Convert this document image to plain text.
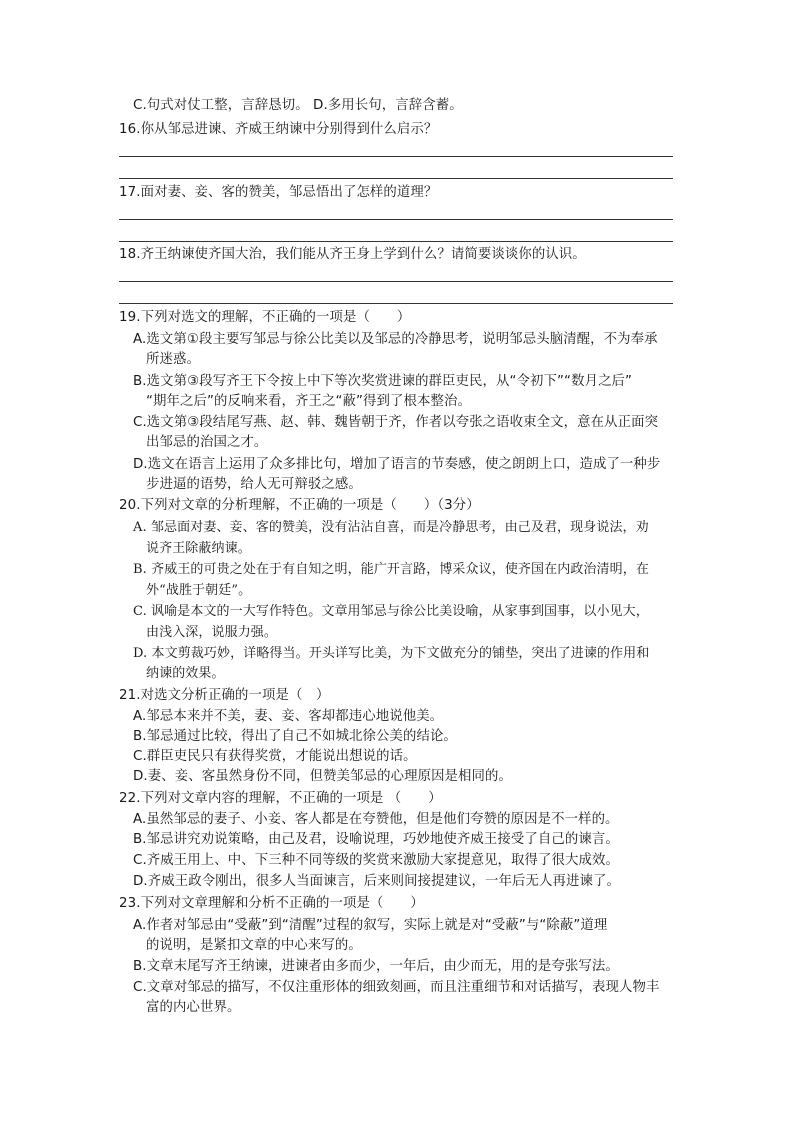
C.句式对仗工整，言辞恳切。 D.多用长句，言辞含蓄。
16.你从邹忌进谏、齐威王纳谏中分别得到什么启示？
17.面对妻、妾、客的赞美，邹忌悟出了怎样的道理？
18.齐王纳谏使齐国大治，我们能从齐王身上学到什么？请简要谈谈你的认识。
19.下列对选文的理解，不正确的一项是（　　）
A.选文第①段主要写邹忌与徐公比美以及邹忌的冷静思考，说明邹忌头脑清醒，不为奉承
所迷惑。
B.选文第③段写齐王下令按上中下等次奖赏进谏的群臣吏民，从“令初下”“数月之后”
“期年之后”的反响来看，齐王之“蔽”得到了根本整治。
C.选文第③段结尾写燕、赵、韩、魏皆朝于齐，作者以夸张之语收束全文，意在从正面突
出邹忌的治国之才。
D.选文在语言上运用了众多排比句，增加了语言的节奏感，使之朗朗上口，造成了一种步
步进逼的语势，给人无可辩驳之感。
20.下列对文章的分析理解，不正确的一项是（　　）（3分）
A. 邹忌面对妻、妾、客的赞美，没有沾沾自喜，而是冷静思考，由己及君，现身说法，劝
说齐王除蔽纳谏。
B. 齐威王的可贵之处在于有自知之明，能广开言路，博采众议，使齐国在内政治清明，在
外“战胜于朝廷”。
C. 讽喻是本文的一大写作特色。文章用邹忌与徐公比美设喻，从家事到国事，以小见大，
由浅入深，说服力强。
D. 本文剪裁巧妙，详略得当。开头详写比美，为下文做充分的铺垫，突出了进谏的作用和
纳谏的效果。
21.对选文分析正确的一项是（　）
A.邹忌本来并不美，妻、妾、客却都违心地说他美。
B.邹忌通过比较，得出了自己不如城北徐公美的结论。
C.群臣吏民只有获得奖赏，才能说出想说的话。
D.妻、妾、客虽然身份不同，但赞美邹忌的心理原因是相同的。
22.下列对文章内容的理解，不正确的一项是 （　　）
A.虽然邹忌的妻子、小妾、客人都是在夸赞他，但是他们夸赞的原因是不一样的。
B.邹忌讲究劝说策略，由己及君，设喻说理，巧妙地使齐威王接受了自己的谏言。
C.齐威王用上、中、下三种不同等级的奖赏来激励大家提意见，取得了很大成效。
D.齐威王政令刚出，很多人当面谏言，后来则间接提建议，一年后无人再进谏了。
23.下列对文章理解和分析不正确的一项是（　　）
A.作者对邹忌由“受蔽”到“清醒”过程的叙写，实际上就是对“受蔽”与“除蔽”道理
的说明，是紧扣文章的中心来写的。
B.文章末尾写齐王纳谏，进谏者由多而少，一年后，由少而无，用的是夸张写法。
C.文章对邹忌的描写，不仅注重形体的细致刻画，而且注重细节和对话描写，表现人物丰
富的内心世界。
